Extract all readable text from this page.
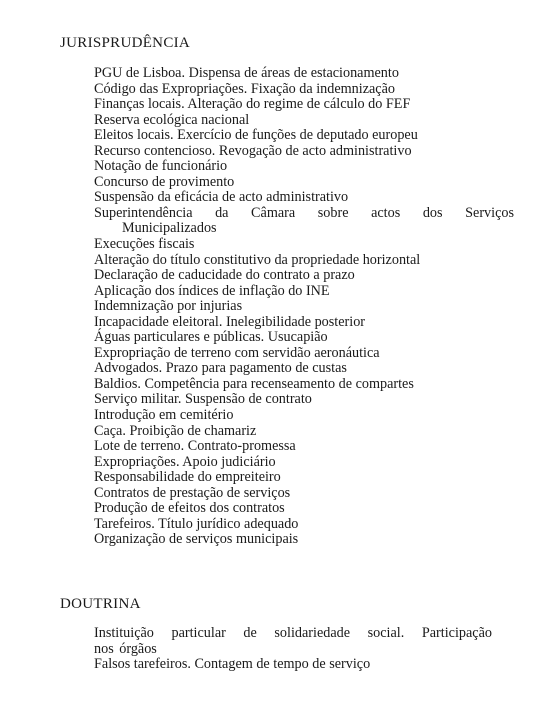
JURISPRUDÊNCIA
PGU de Lisboa. Dispensa de áreas de estacionamento
Código das Expropriações. Fixação da indemnização
Finanças locais. Alteração do regime de cálculo do FEF
Reserva ecológica nacional
Eleitos locais. Exercício de funções de deputado europeu
Recurso contencioso. Revogação de acto administrativo
Notação de funcionário
Concurso de provimento
Suspensão da eficácia de acto administrativo
Superintendência da Câmara sobre actos dos Serviços
Municipalizados
Execuções fiscais
Alteração do título constitutivo da propriedade horizontal
Declaração de caducidade do contrato a prazo
Aplicação dos índices de inflação do INE
Indemnização por injurias
Incapacidade eleitoral. Inelegibilidade posterior
Águas particulares e públicas. Usucapião
Expropriação de terreno com servidão aeronáutica
Advogados. Prazo para pagamento de custas
Baldios. Competência para recenseamento de compartes
Serviço militar. Suspensão de contrato
Introdução em cemitério
Caça. Proibição de chamariz
Lote de terreno. Contrato-promessa
Expropriações. Apoio judiciário
Responsabilidade do empreiteiro
Contratos de prestação de serviços
Produção de efeitos dos contratos
Tarefeiros. Título jurídico adequado
Organização de serviços municipais
DOUTRINA
Instituição particular de solidariedade social. Participação
nos órgãos
Falsos tarefeiros. Contagem de tempo de serviço
